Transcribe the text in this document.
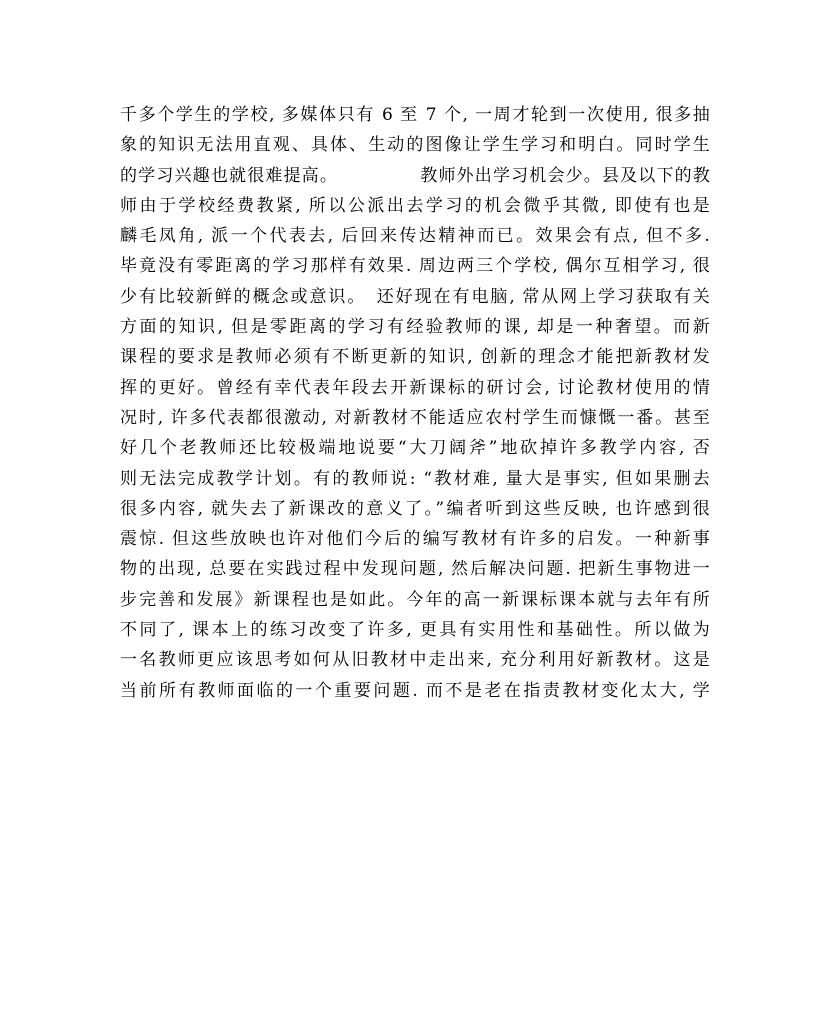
千多个学生的学校, 多媒体只有 6 至 7 个, 一周才轮到一次使用, 很多抽
象的知识无法用直观、具体、生动的图像让学生学习和明白。同时学生
的学习兴趣也就很难提高。　　　　　教师外出学习机会少。县及以下的教
师由于学校经费教紧, 所以公派出去学习的机会微乎其微, 即使有也是
麟毛凤角, 派一个代表去, 后回来传达精神而已。效果会有点, 但不多.
毕竟没有零距离的学习那样有效果. 周边两三个学校, 偶尔互相学习, 很
少有比较新鲜的概念或意识。　还好现在有电脑, 常从网上学习获取有关
方面的知识, 但是零距离的学习有经验教师的课, 却是一种奢望。而新
课程的要求是教师必须有不断更新的知识, 创新的理念才能把新教材发
挥的更好。曾经有幸代表年段去开新课标的研讨会, 讨论教材使用的情
况时, 许多代表都很激动, 对新教材不能适应农村学生而慷慨一番。甚至
好几个老教师还比较极端地说要“大刀阔斧”地砍掉许多教学内容, 否
则无法完成教学计划。有的教师说: “教材难, 量大是事实, 但如果删去
很多内容, 就失去了新课改的意义了。”编者听到这些反映, 也许感到很
震惊. 但这些放映也许对他们今后的编写教材有许多的启发。一种新事
物的出现, 总要在实践过程中发现问题, 然后解决问题. 把新生事物进一
步完善和发展》新课程也是如此。今年的高一新课标课本就与去年有所
不同了, 课本上的练习改变了许多, 更具有实用性和基础性。所以做为
一名教师更应该思考如何从旧教材中走出来, 充分利用好新教材。这是
当前所有教师面临的一个重要问题. 而不是老在指责教材变化太大, 学
